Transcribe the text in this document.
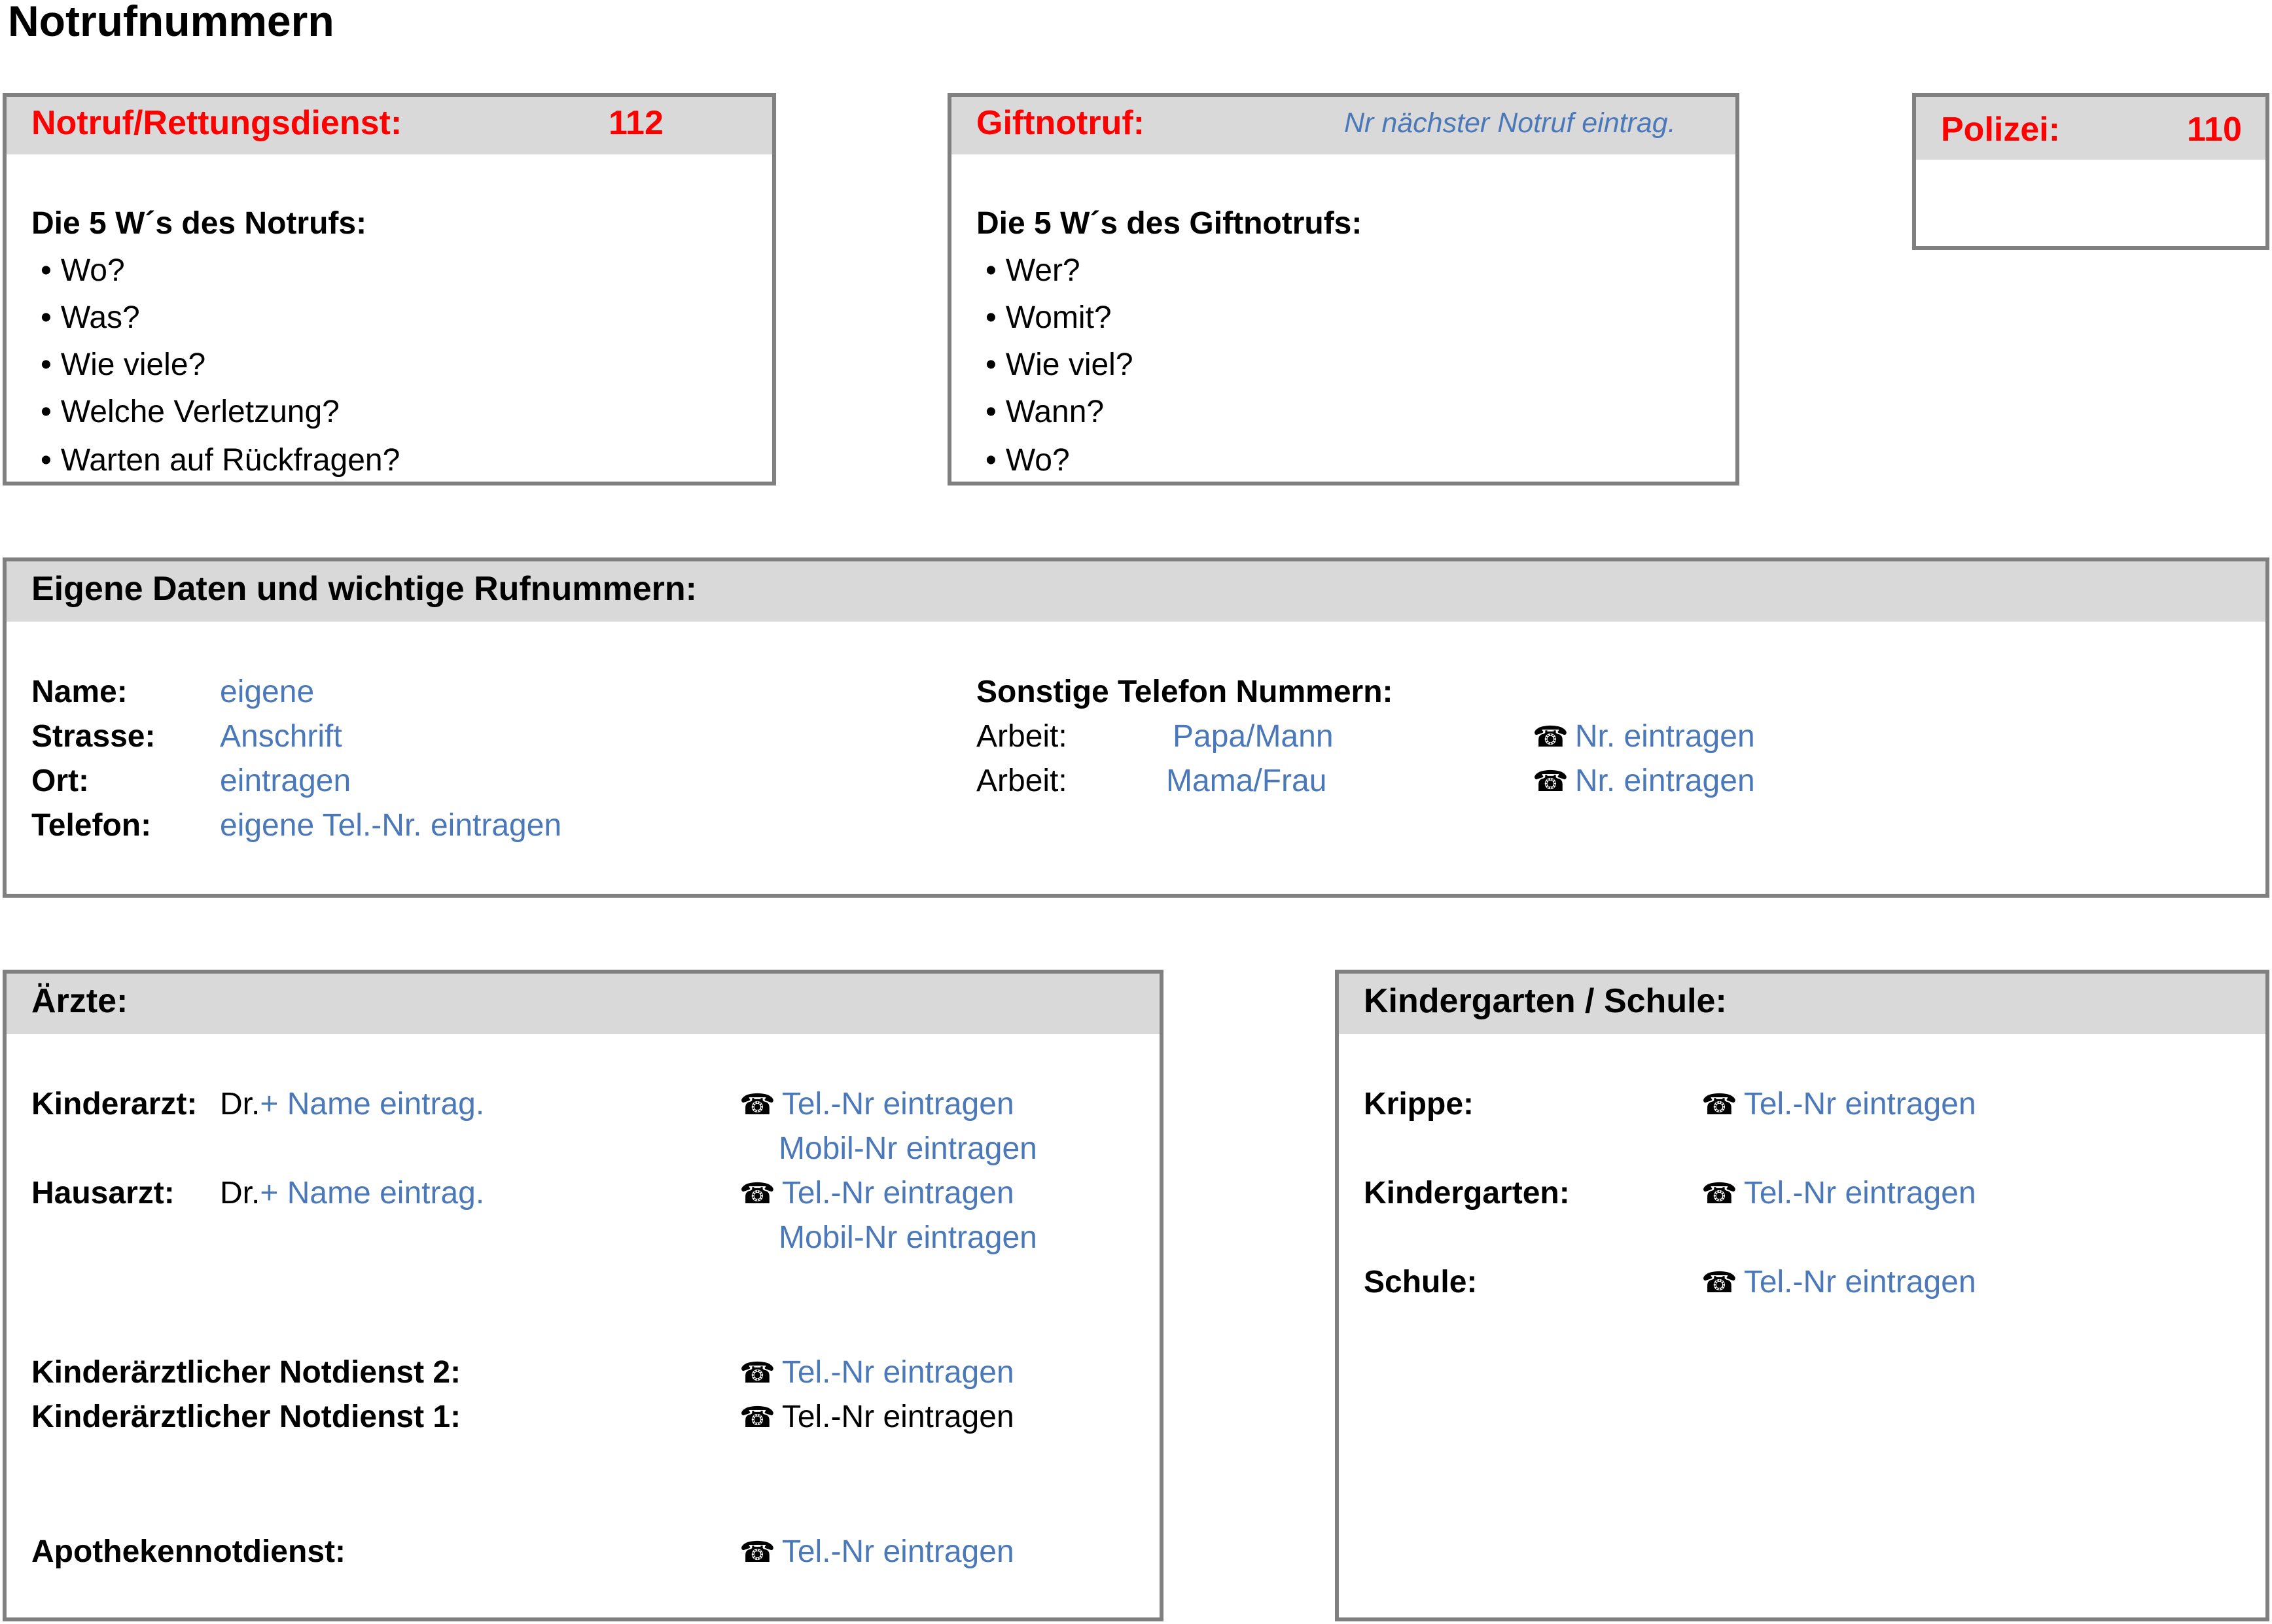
Notrufnummern
Notruf/Rettungsdienst:	112
Die 5 W´s des Notrufs:
• Wo?
• Was?
• Wie viele?
• Welche Verletzung?
• Warten auf Rückfragen?
Giftnotruf:	Nr nächster Notruf eintrag.
Die 5 W´s des Giftnotrufs:
• Wer?
• Womit?
• Wie viel?
• Wann?
• Wo?
Polizei:	110
Eigene Daten und wichtige Rufnummern:
Name:	eigene
Strasse: Anschrift
Ort:	eintragen
Telefon: eigene Tel.-Nr. eintragen
Sonstige Telefon Nummern:
Arbeit:	Papa/Mann	☎ Nr. eintragen
Arbeit:	Mama/Frau	☎ Nr. eintragen
Ärzte:
Kinderarzt: Dr.+ Name eintrag.	☎ Tel.-Nr eintragen
Mobil-Nr eintragen
Hausarzt: Dr.+ Name eintrag.	☎ Tel.-Nr eintragen
Mobil-Nr eintragen
Kinderärztlicher Notdienst 2:	☎ Tel.-Nr eintragen
Kinderärztlicher Notdienst 1:	☎ Tel.-Nr eintragen
Apothekennotdienst:	☎ Tel.-Nr eintragen
Kindergarten / Schule:
Krippe:	☎ Tel.-Nr eintragen
Kindergarten:	☎ Tel.-Nr eintragen
Schule:	☎ Tel.-Nr eintragen
